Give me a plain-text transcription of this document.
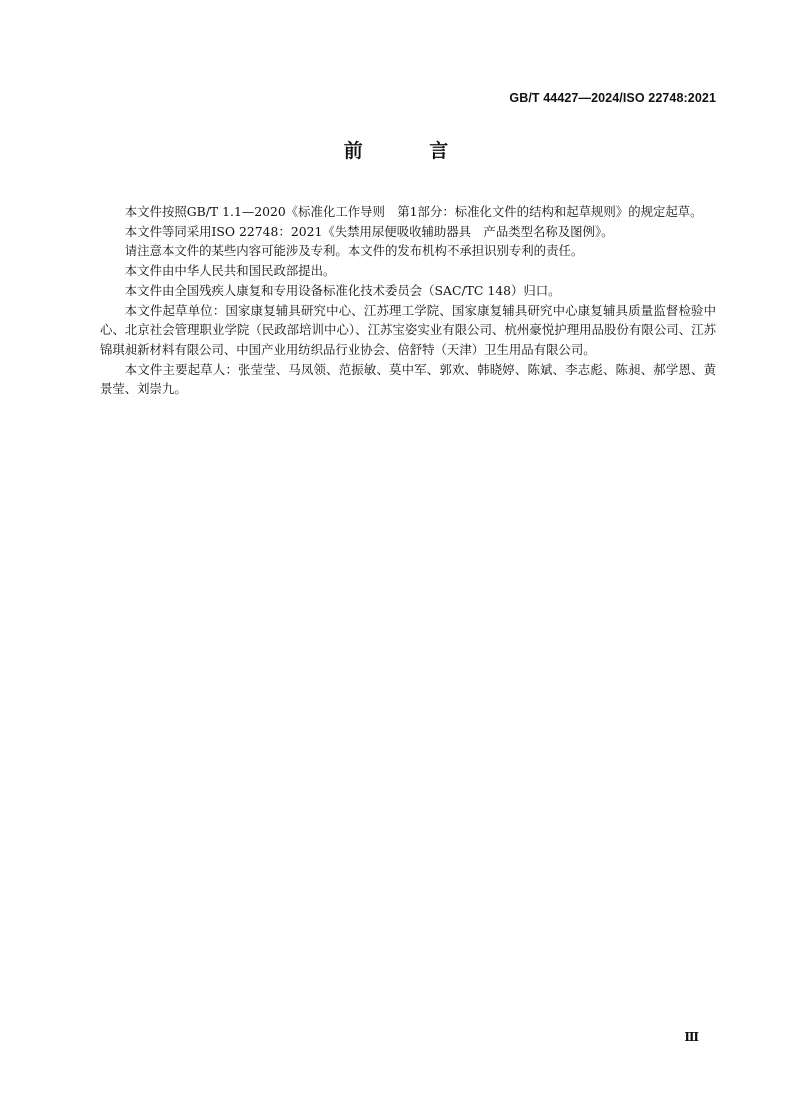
GB/T 44427—2024/ISO 22748:2021
前 言

本文件按照GB/T 1.1—2020《标准化工作导则　第1部分：标准化文件的结构和起草规则》的规定起草。

本文件等同采用ISO 22748：2021《失禁用尿便吸收辅助器具　产品类型名称及图例》。

请注意本文件的某些内容可能涉及专利。本文件的发布机构不承担识别专利的责任。

本文件由中华人民共和国民政部提出。

本文件由全国残疾人康复和专用设备标准化技术委员会（SAC/TC 148）归口。

本文件起草单位：国家康复辅具研究中心、江苏理工学院、国家康复辅具研究中心康复辅具质量监督检验中心、北京社会管理职业学院（民政部培训中心）、江苏宝姿实业有限公司、杭州豪悦护理用品股份有限公司、江苏锦琪昶新材料有限公司、中国产业用纺织品行业协会、倍舒特（天津）卫生用品有限公司。

本文件主要起草人：张莹莹、马凤领、范振敏、莫中军、郭欢、韩晓婷、陈斌、李志彪、陈昶、郝学恩、黄景莹、刘崇九。

Ⅲ
